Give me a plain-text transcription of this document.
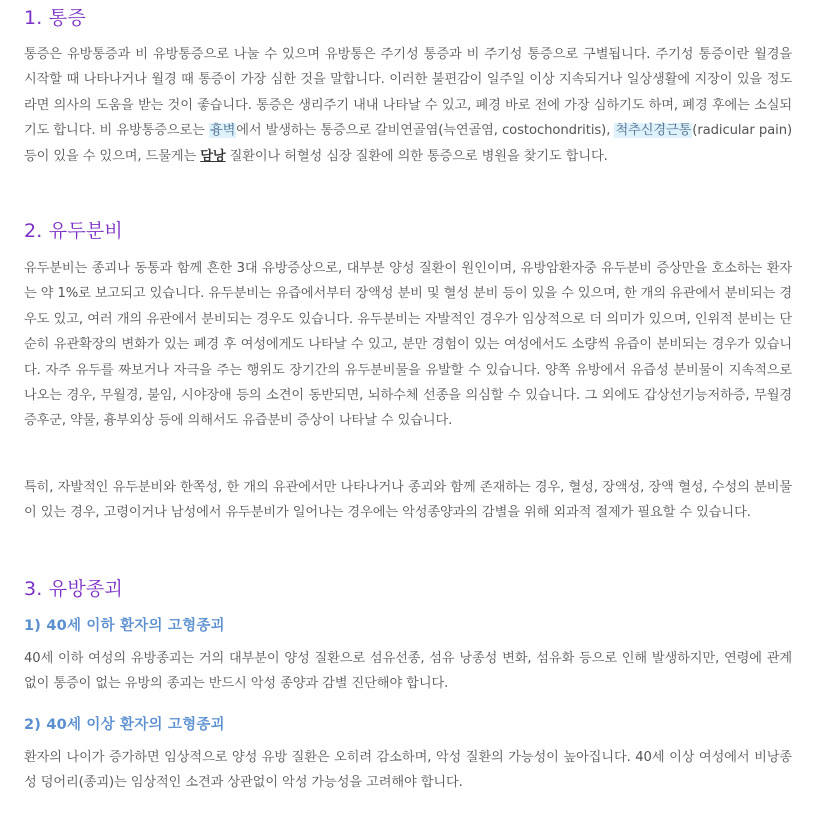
1. 통증

통증은 유방통증과 비 유방통증으로 나눌 수 있으며 유방통은 주기성 통증과 비 주기성 통증으로 구별됩니다. 주기성 통증이란 월경을 시작할 때 나타나거나 월경 때 통증이 가장 심한 것을 말합니다. 이러한 불편감이 일주일 이상 지속되거나 일상생활에 지장이 있을 정도라면 의사의 도움을 받는 것이 좋습니다. 통증은 생리주기 내내 나타날 수 있고, 폐경 바로 전에 가장 심하기도 하며, 폐경 후에는 소실되기도 합니다. 비 유방통증으로는 흉벽에서 발생하는 통증으로 갈비연골염(늑연골염, costochondritis), 척추신경근통(radicular pain) 등이 있을 수 있으며, 드물게는 담낭 질환이나 허혈성 심장 질환에 의한 통증으로 병원을 찾기도 합니다.

2. 유두분비

유두분비는 종괴나 동통과 함께 흔한 3대 유방증상으로, 대부분 양성 질환이 원인이며, 유방암환자중 유두분비 증상만을 호소하는 환자는 약 1%로 보고되고 있습니다. 유두분비는 유즙에서부터 장액성 분비 및 혈성 분비 등이 있을 수 있으며, 한 개의 유관에서 분비되는 경우도 있고, 여러 개의 유관에서 분비되는 경우도 있습니다. 유두분비는 자발적인 경우가 임상적으로 더 의미가 있으며, 인위적 분비는 단순히 유관확장의 변화가 있는 폐경 후 여성에게도 나타날 수 있고, 분만 경험이 있는 여성에서도 소량씩 유즙이 분비되는 경우가 있습니다. 자주 유두를 짜보거나 자극을 주는 행위도 장기간의 유두분비물을 유발할 수 있습니다. 양쪽 유방에서 유즙성 분비물이 지속적으로 나오는 경우, 무월경, 불임, 시야장애 등의 소견이 동반되면, 뇌하수체 선종을 의심할 수 있습니다. 그 외에도 갑상선기능저하증, 무월경증후군, 약물, 흉부외상 등에 의해서도 유즙분비 증상이 나타날 수 있습니다.

특히, 자발적인 유두분비와 한쪽성, 한 개의 유관에서만 나타나거나 종괴와 함께 존재하는 경우, 혈성, 장액성, 장액 혈성, 수성의 분비물이 있는 경우, 고령이거나 남성에서 유두분비가 일어나는 경우에는 악성종양과의 감별을 위해 외과적 절제가 필요할 수 있습니다.

3. 유방종괴
1) 40세 이하 환자의 고형종괴

40세 이하 여성의 유방종괴는 거의 대부분이 양성 질환으로 섬유선종, 섬유 낭종성 변화, 섬유화 등으로 인해 발생하지만, 연령에 관계없이 통증이 없는 유방의 종괴는 반드시 악성 종양과 감별 진단해야 합니다.

2) 40세 이상 환자의 고형종괴

환자의 나이가 증가하면 임상적으로 양성 유방 질환은 오히려 감소하며, 악성 질환의 가능성이 높아집니다. 40세 이상 여성에서 비낭종성 덩어리(종괴)는 임상적인 소견과 상관없이 악성 가능성을 고려해야 합니다.
